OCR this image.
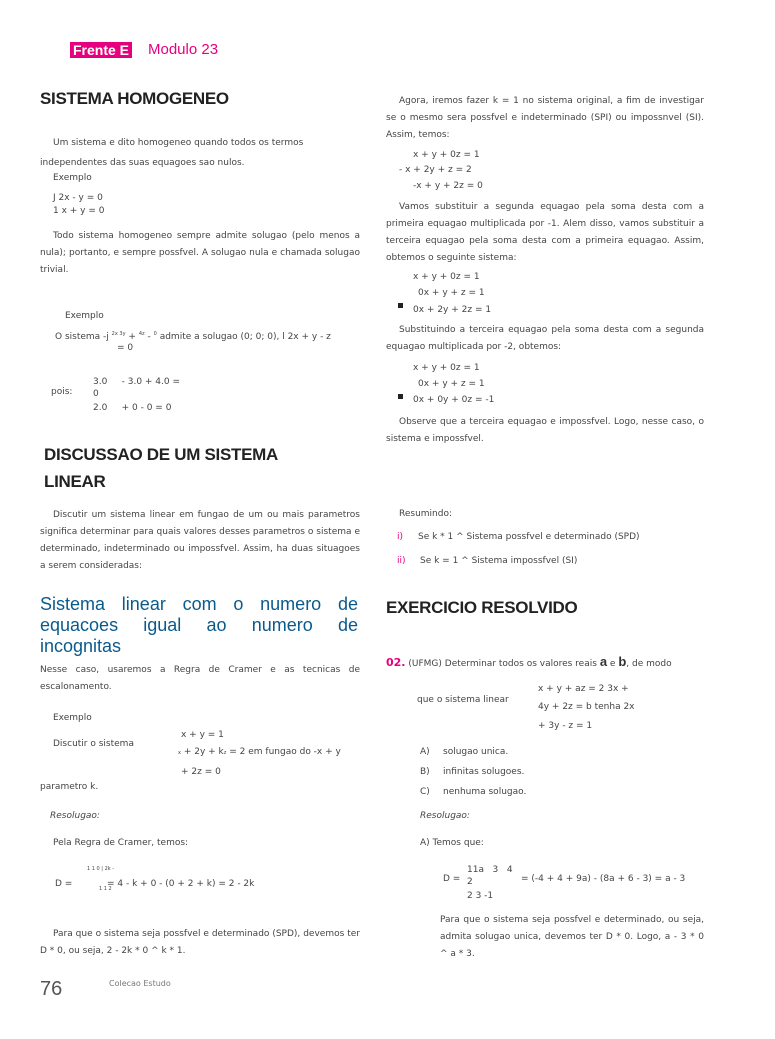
Frente E Modulo 23
SISTEMA HOMOGENEO
Um sistema e dito homogeneo quando todos os termos
independentes das suas equagoes sao nulos.
Exemplo
J 2x - y = 0
1 x + y = 0
Todo sistema homogeneo sempre admite solugao (pelo menos a nula); portanto, e sempre possfvel. A solugao nula e chamada solugao trivial.
Exemplo
O sistema -j $^{2x 3y}$ + $^{4z}$ - $^0$ admite a solugao (0; 0; 0), l 2x + y - z
= 0
pois:
3.0     - 3.0 + 4.0 =
0
2.0     + 0 - 0 = 0
DISCUSSAO DE UM SISTEMA
LINEAR
Discutir um sistema linear em fungao de um ou mais parametros significa determinar para quais valores desses parametros o sistema e determinado, indeterminado ou impossfvel. Assim, ha duas situagoes a serem consideradas:
Sistema linear com o numero de equacoes igual ao numero de incognitas
Nesse caso, usaremos a Regra de Cramer e as tecnicas de escalonamento.
Exemplo
Discutir o sistema
x + y = 1
x + 2y + kz = 2 em fungao do -x + y
+ 2z = 0
parametro k.
Resolugao:
Pela Regra de Cramer, temos:
D =
1 1 0 | 2k -
1 1 2
= 4 - k + 0 - (0 + 2 + k) = 2 - 2k
Para que o sistema seja possfvel e determinado (SPD), devemos ter D * 0, ou seja, 2 - 2k * 0 ^ k * 1.
Agora, iremos fazer k = 1 no sistema original, a fim de investigar se o mesmo sera possfvel e indeterminado (SPI) ou impossnvel (SI). Assim, temos:
x + y + 0z = 1
- x + 2y + z = 2
-x + y + 2z = 0
Vamos substituir a segunda equagao pela soma desta com a primeira equagao multiplicada por -1. Alem disso, vamos substituir a terceira equagao pela soma desta com a primeira equagao. Assim, obtemos o seguinte sistema:
x + y + 0z = 1
0x + y + z = 1
0x + 2y + 2z = 1
Substituindo a terceira equagao pela soma desta com a segunda equagao multiplicada por -2, obtemos:
x + y + 0z = 1
0x + y + z = 1
0x + 0y + 0z = -1
Observe que a terceira equagao e impossfvel. Logo, nesse caso, o sistema e impossfvel.
Resumindo:
i) Se k * 1 ^ Sistema possfvel e determinado (SPD)
ii) Se k = 1 ^ Sistema impossfvel (SI)
EXERCICIO RESOLVIDO
02. (UFMG) Determinar todos os valores reais a e b, de modo
que o sistema linear
x + y + az = 2 3x +
4y + 2z = b tenha 2x
+ 3y - z = 1
A) solugao unica.
B) infinitas solugoes.
C) nenhuma solugao.
Resolugao:
A) Temos que:
D =
11a   3   4
2
2 3 -1
= (-4 + 4 + 9a) - (8a + 6 - 3) = a - 3
Para que o sistema seja possfvel e determinado, ou seja, admita solugao unica, devemos ter D * 0. Logo, a - 3 * 0 ^ a * 3.
76	Colecao Estudo
